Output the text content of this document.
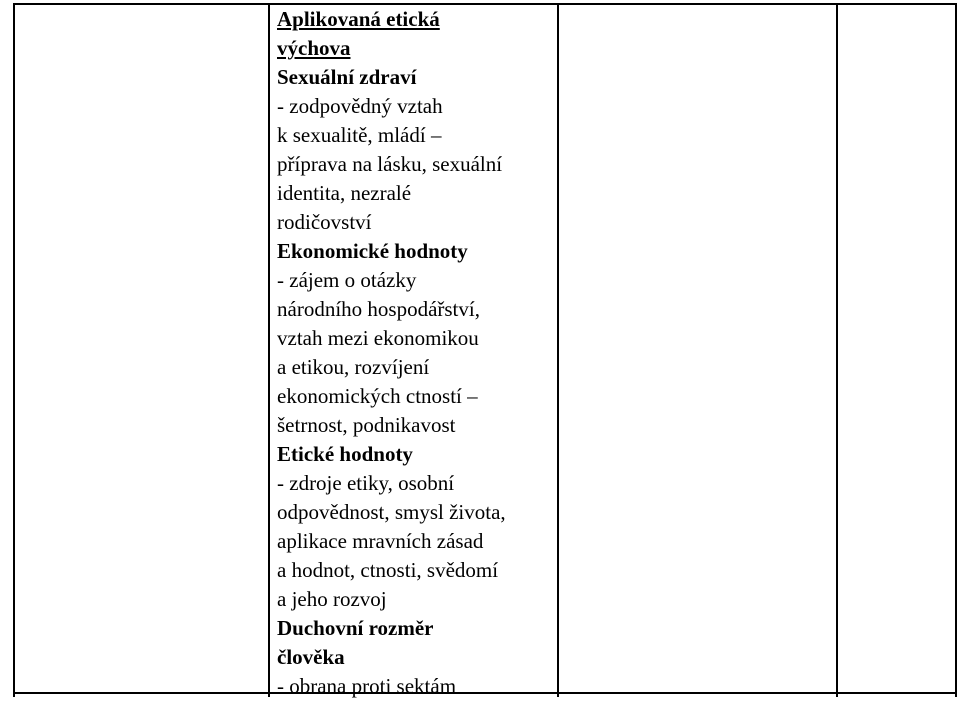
Aplikovaná etická
výchova
Sexuální zdraví
- zodpovědný vztah
k sexualitě, mládí –
příprava na lásku, sexuální
identita, nezralé
rodičovství
Ekonomické hodnoty
- zájem o otázky
národního hospodářství,
vztah mezi ekonomikou
a etikou, rozvíjení
ekonomických ctností –
šetrnost, podnikavost
Etické hodnoty
- zdroje etiky, osobní
odpovědnost, smysl života,
aplikace mravních zásad
a hodnot, ctnosti, svědomí
a jeho rozvoj
Duchovní rozměr
člověka
- obrana proti sektám
